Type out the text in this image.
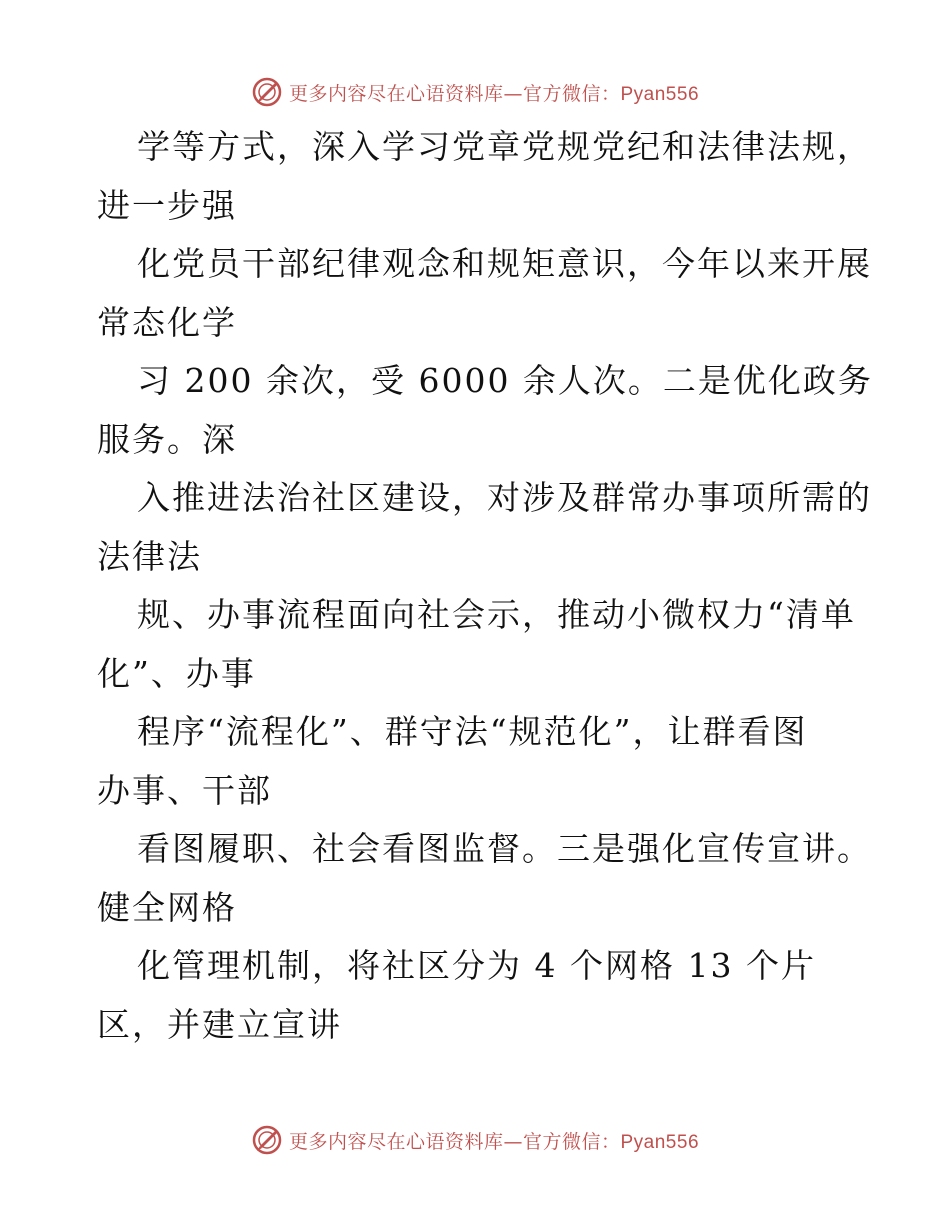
更多内容尽在心语资料库—官方微信：Pyan556
学等方式，深入学习党章党规党纪和法律法规，
进一步强
化党员干部纪律观念和规矩意识，今年以来开展
常态化学
习 200 余次，受 6000 余人次。二是优化政务
服务。深
入推进法治社区建设，对涉及群常办事项所需的
法律法
规、办事流程面向社会示，推动小微权力“清单
化”、办事
程序“流程化”、群守法“规范化”，让群看图
办事、干部
看图履职、社会看图监督。三是强化宣传宣讲。
健全网格
化管理机制，将社区分为 4 个网格 13 个片
区，并建立宣讲
更多内容尽在心语资料库—官方微信：Pyan556
